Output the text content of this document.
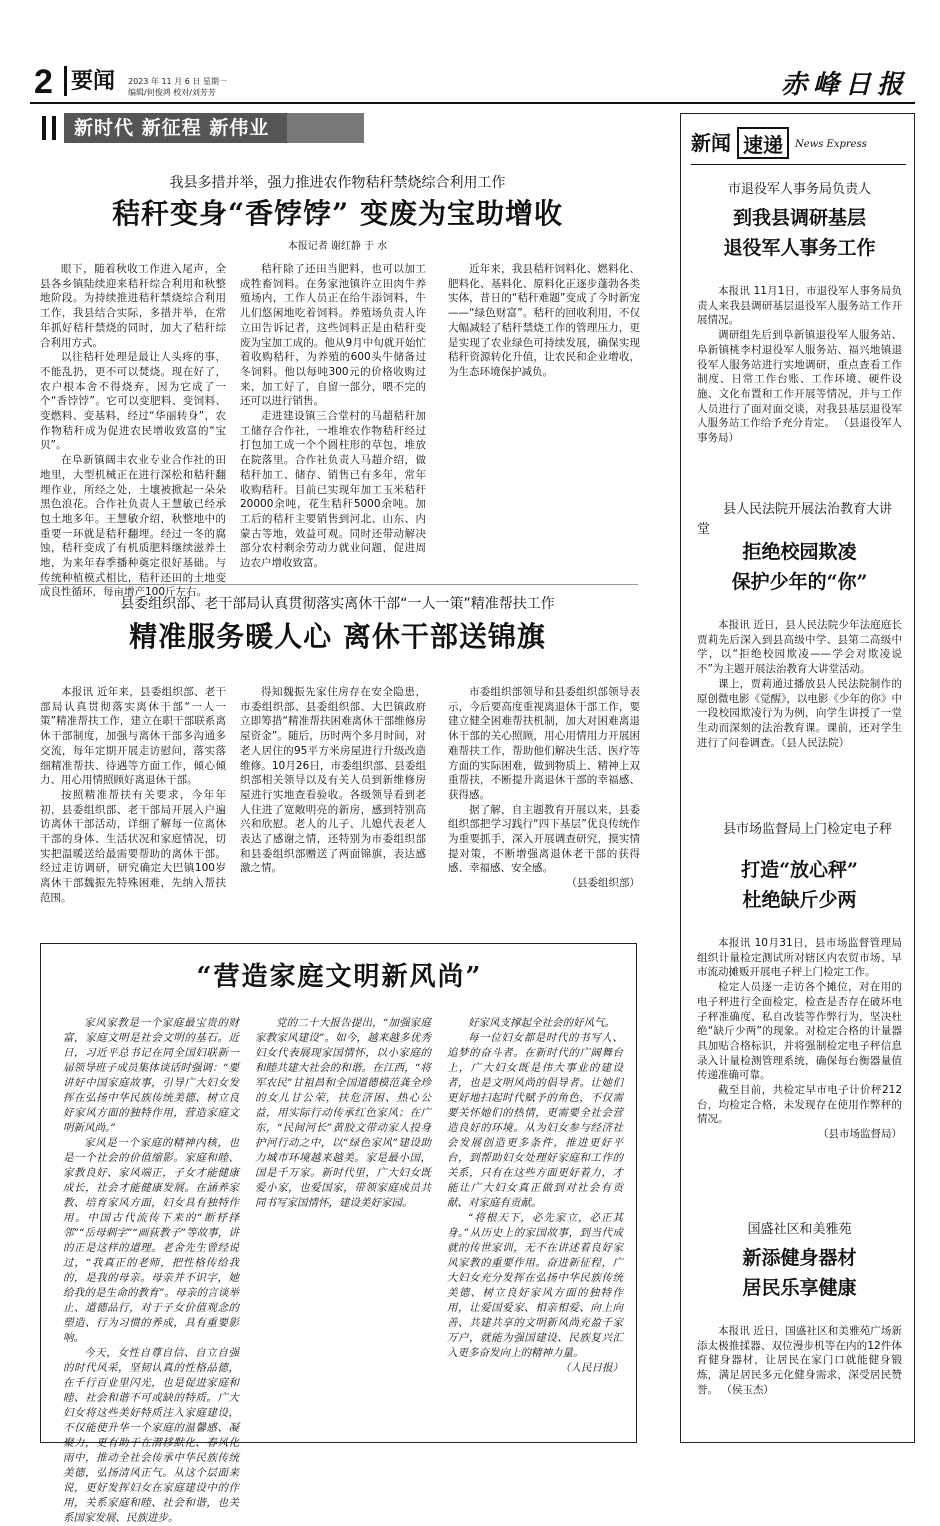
2 要闻 2023 年 11 月 6 日 星期一
编辑/何俊鸿 校对/刘芳芳	赤峰日报
新时代 新征程 新伟业
我县多措并举，强力推进农作物秸秆禁烧综合利用工作
秸秆变身“香饽饽” 变废为宝助增收
本报记者 谢红静 于 水

眼下，随着秋收工作进入尾声，全县各乡镇陆续迎来秸秆综合利用和秋整地阶段。为持续推进秸秆禁烧综合利用工作，我县结合实际，多措并举，在常年抓好秸秆禁烧的同时，加大了秸秆综合利用方式。

以往秸秆处理是最让人头疼的事，不能乱扔，更不可以焚烧。现在好了，农户根本舍不得烧弃，因为它成了一个“香饽饽”。它可以变肥料、变饲料、变燃料、变基料，经过“华丽转身”，农作物秸秆成为促进农民增收致富的“宝贝”。

在阜新镇阔丰农业专业合作社的田地里，大型机械正在进行深松和秸秆翻埋作业，所经之处，土壤被掀起一朵朵黑色浪花。合作社负责人王慧敏已经承包土地多年。王慧敏介绍，秋整地中的重要一环就是秸秆翻埋。经过一冬的腐蚀，秸秆变成了有机质肥料继续滋养土地，为来年春季播种奠定很好基础。与传统种植模式相比，秸秆还田的土地变成良性循环，每亩增产100斤左右。

秸秆除了还田当肥料，也可以加工成牲畜饲料。在务家池镇许立田肉牛养殖场内，工作人员正在给牛添饲料，牛儿们悠闲地吃着饲料。养殖场负责人许立田告诉记者，这些饲料正是由秸秆变废为宝加工成的。他从9月中旬就开始忙着收购秸秆，为养殖的600头牛储备过冬饲料。他以每吨300元的价格收购过来，加工好了，自留一部分，喂不完的还可以进行销售。

走进建设镇三合堂村的马超秸秆加工储存合作社，一堆堆农作物秸秆经过打包加工成一个个圆柱形的草包，堆放在院落里。合作社负责人马超介绍，做秸秆加工、储存、销售已有多年，常年收购秸秆。目前已实现年加工玉米秸秆20000余吨，花生秸秆5000余吨。加工后的秸秆主要销售到河北、山东、内蒙古等地，效益可观。同时还带动解决部分农村剩余劳动力就业问题，促进周边农户增收致富。

近年来，我县秸秆饲料化、燃料化、肥料化、基料化、原料化正逐步蓬勃各类实体，昔日的“秸秆难题”变成了今时新宠——“绿色财富”。秸秆的回收利用，不仅大幅减轻了秸秆禁烧工作的管理压力，更是实现了农业绿色可持续发展，确保实现秸秆资源转化升值，让农民和企业增收，为生态环境保护减负。

县委组织部、老干部局认真贯彻落实离休干部“一人一策”精准帮扶工作
精准服务暖人心 离休干部送锦旗

本报讯 近年来，县委组织部、老干部局认真贯彻落实离休干部“一人一策”精准帮扶工作，建立在职干部联系离休干部制度，加强与离休干部多沟通多交流，每年定期开展走访慰问，落实落细精准帮扶、待遇等方面工作，倾心倾力、用心用情照顾好离退休干部。

按照精准帮扶有关要求，今年年初，县委组织部、老干部局开展入户遍访离休干部活动，详细了解每一位离休干部的身体、生活状况和家庭情况，切实把温暖送给最需要帮助的离休干部。经过走访调研，研究确定大巴镇100岁离休干部魏振先特殊困难，先纳入帮扶范围。

得知魏振先家住房存在安全隐患，市委组织部、县委组织部、大巴镇政府立即筹措“精准帮扶困难离休干部维修房屋资金”。随后，历时两个多月时间，对老人居住的95平方米房屋进行升级改造维修。10月26日，市委组织部、县委组织部相关领导以及有关人员到新维修房屋进行实地查看验收。各级领导看到老人住进了宽敞明亮的新房，感到特别高兴和欣慰。老人的儿子、儿媳代表老人表达了感谢之情，还特别为市委组织部和县委组织部赠送了两面锦旗，表达感激之情。

市委组织部领导和县委组织部领导表示，今后要高度重视离退休干部工作，要建立健全困难帮扶机制，加大对困难离退休干部的关心照顾，用心用情用力开展困难帮扶工作，帮助他们解决生活、医疗等方面的实际困难，做到物质上、精神上双重帮扶，不断提升离退休干部的幸福感、获得感。

据了解，自主题教育开展以来，县委组织部把学习践行“四下基层”优良传统作为重要抓手，深入开展调查研究，摸实情提对策，不断增强离退休老干部的获得感、幸福感、安全感。

（县委组织部）

“营造家庭文明新风尚”

家风家教是一个家庭最宝贵的财富，家庭文明是社会文明的基石。近日，习近平总书记在同全国妇联新一届领导班子成员集体谈话时强调：“要讲好中国家庭故事，引导广大妇女发挥在弘扬中华民族传统美德、树立良好家风方面的独特作用，营造家庭文明新风尚。”

家风是一个家庭的精神内核，也是一个社会的价值缩影。家庭和睦、家教良好、家风端正，子女才能健康成长，社会才能健康发展。在涵养家教、培育家风方面，妇女具有独特作用。中国古代流传下来的“断杼择邻”“岳母刺字”“画荻教子”等故事，讲的正是这样的道理。老舍先生曾经说过，“我真正的老师，把性格传给我的，是我的母亲。母亲并不识字，她给我的是生命的教育”。母亲的言谈举止、道德品行，对于子女价值观念的塑造、行为习惯的养成，具有重要影响。

今天，女性自尊自信、自立自强的时代风采，坚韧认真的性格品德，在千行百业里闪光，也是促进家庭和睦、社会和谐不可或缺的特质。广大妇女将这些美好特质注入家庭建设，不仅能使升华一个家庭的温馨感、凝聚力，更有助于在潜移默化、春风化雨中，推动全社会传承中华民族传统美德，弘扬清风正气。从这个层面来说，更好发挥妇女在家庭建设中的作用，关系家庭和睦、社会和谐，也关系国家发展、民族进步。

党的二十大报告提出，“加强家庭家教家风建设”。如今，越来越多优秀妇女代表展现家国情怀，以小家庭的和睦共建大社会的和谐。在江西，“将军农民”甘祖昌和全国道德模范龚全珍的女儿甘公荣，扶危济困、热心公益，用实际行动传承红色家风；在广东，“民间河长”黄胶文带动家人投身护河行动之中，以“绿色家风”建设助力城市环境越来越美。家是最小国，国是千万家。新时代里，广大妇女既爱小家，也爱国家，带领家庭成员共同书写家国情怀，建设美好家园。

好家风支撑起全社会的好风气。

每一位妇女都是时代的书写人、追梦的奋斗者。在新时代的广阔舞台上，广大妇女既是伟大事业的建设者，也是文明风尚的倡导者。让她们更好地扫起时代赋予的角色，不仅需要关怀她们的热情，更需要全社会营造良好的环境。从为妇女参与经济社会发展创造更多条件，推进更好平台，到帮助妇女处理好家庭和工作的关系，只有在这些方面更好着力，才能让广大妇女真正做到对社会有贡献、对家庭有贡献。

“将根天下，必先家立，必正其身。”从历史上的家国故事，到当代成就的传世家训，无不在讲述着良好家风家教的重要作用。奋进新征程，广大妇女充分发挥在弘扬中华民族传统美德、树立良好家风方面的独特作用，让爱国爱家、相亲相爱、向上向善、共建共享的文明新风尚充盈千家万户，就能为强国建设、民族复兴汇入更多奋发向上的精神力量。

（人民日报）

新闻 速递	News Express
市退役军人事务局负责人
到我县调研基层
退役军人事务工作

本报讯 11月1日，市退役军人事务局负责人来我县调研基层退役军人服务站工作开展情况。

调研组先后到阜新镇退役军人服务站、阜新镇桃李村退役军人服务站、福兴地镇退役军人服务站进行实地调研，重点查看工作制度、日常工作台账、工作环境、硬件设施、文化布置和工作开展等情况，并与工作人员进行了面对面交谈，对我县基层退役军人服务站工作给予充分肯定。 （县退役军人事务局）

县人民法院开展法治教育大讲堂
拒绝校园欺凌
保护少年的“你”

本报讯 近日，县人民法院少年法庭庭长贾莉先后深入到县高级中学、县第二高级中学，以“拒绝校园欺凌——学会对欺凌说不”为主题开展法治教育大讲堂活动。

课上，贾莉通过播放县人民法院制作的原创微电影《觉醒》，以电影《少年的你》中一段校园欺凌行为为例，向学生讲授了一堂生动而深刻的法治教育课。课前，还对学生进行了问卷调查。（县人民法院）

县市场监督局上门检定电子秤
打造“放心秤”
杜绝缺斤少两

本报讯 10月31日，县市场监督管理局组织计量检定测试所对辖区内农贸市场、早市流动摊贩开展电子秤上门检定工作。

检定人员逐一走访各个摊位，对在用的电子秤进行全面检定，检查是否存在破坏电子秤准确度、私自改装等作弊行为，坚决杜绝“缺斤少两”的现象。对检定合格的计量器具加贴合格标识，并将强制检定电子秤信息录入计量检测管理系统，确保每台衡器量值传递准确可靠。

截至目前，共检定早市电子计价秤212台，均检定合格，未发现存在使用作弊秤的情况。

（县市场监督局）

国盛社区和美雅苑
新添健身器材
居民乐享健康

本报讯 近日，国盛社区和美雅苑广场新添太极推揉器、双位漫步机等在内的12件体育健身器材，让居民在家门口就能健身锻炼，满足居民多元化健身需求，深受居民赞誉。 （侯玉杰）
